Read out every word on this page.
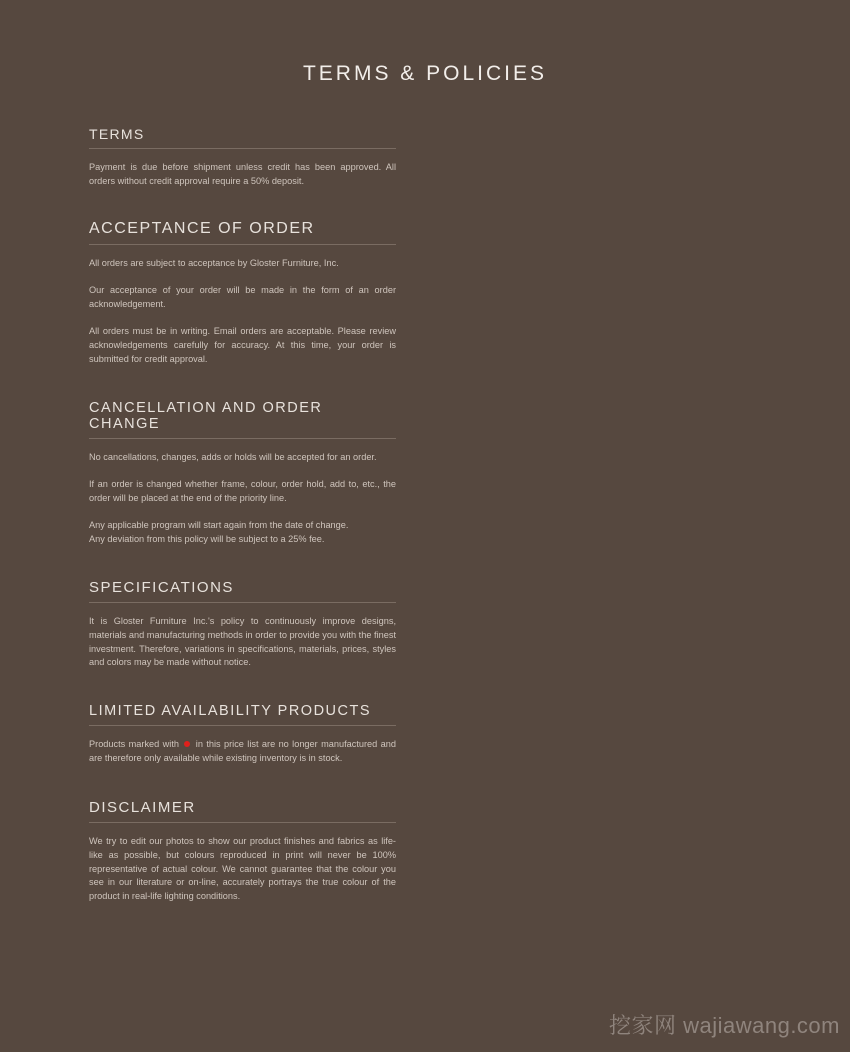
TERMS & POLICIES
TERMS

Payment is due before shipment unless credit has been approved. All orders without credit approval require a 50% deposit.

ACCEPTANCE OF ORDER

All orders are subject to acceptance by Gloster Furniture, Inc.

Our acceptance of your order will be made in the form of an order acknowledgement.

All orders must be in writing. Email orders are acceptable. Please review acknowledgements carefully for accuracy. At this time, your order is submitted for credit approval.

CANCELLATION AND ORDER CHANGE

No cancellations, changes, adds or holds will be accepted for an order.

If an order is changed whether frame, colour, order hold, add to, etc., the order will be placed at the end of the priority line.

Any applicable program will start again from the date of change.
Any deviation from this policy will be subject to a 25% fee.

SPECIFICATIONS

It is Gloster Furniture Inc.'s policy to continuously improve designs, materials and manufacturing methods in order to provide you with the finest investment. Therefore, variations in specifications, materials, prices, styles and colors may be made without notice.

LIMITED AVAILABILITY PRODUCTS

Products marked with in this price list are no longer manufactured and are therefore only available while existing inventory is in stock.

DISCLAIMER

We try to edit our photos to show our product finishes and fabrics as life-like as possible, but colours reproduced in print will never be 100% representative of actual colour. We cannot guarantee that the colour you see in our literature or on-line, accurately portrays the true colour of the product in real-life lighting conditions.

挖家网 wajiawang.com
